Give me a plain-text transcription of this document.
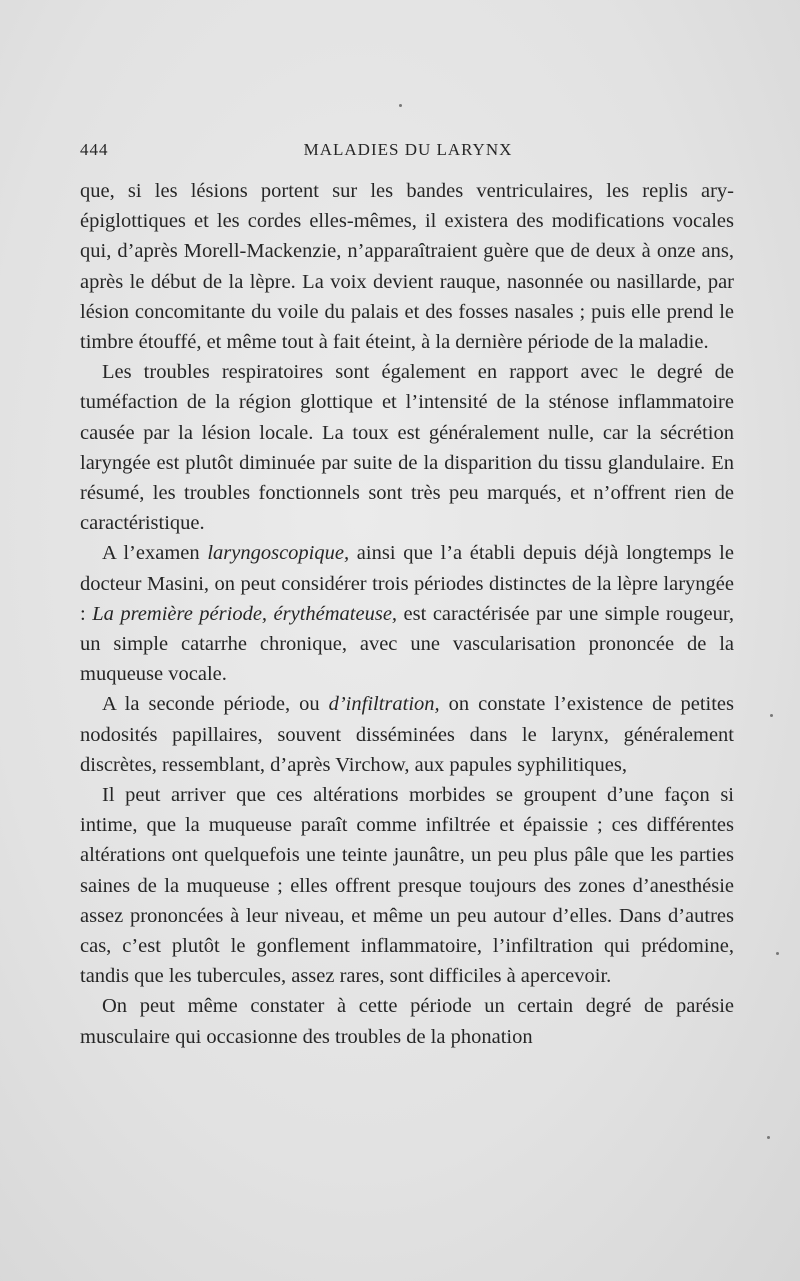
444	MALADIES DU LARYNX

que, si les lésions portent sur les bandes ventriculaires, les replis ary-épiglottiques et les cordes elles-mêmes, il existera des modifications vocales qui, d’après Morell-Mackenzie, n’apparaîtraient guère que de deux à onze ans, après le début de la lèpre. La voix devient rauque, nasonnée ou nasillarde, par lésion concomitante du voile du palais et des fosses nasales ; puis elle prend le timbre étouffé, et même tout à fait éteint, à la dernière période de la maladie.

Les troubles respiratoires sont également en rapport avec le degré de tuméfaction de la région glottique et l’intensité de la sténose inflammatoire causée par la lésion locale. La toux est généralement nulle, car la sécrétion laryngée est plutôt diminuée par suite de la disparition du tissu glandulaire. En résumé, les troubles fonctionnels sont très peu marqués, et n’offrent rien de caractéristique.

A l’examen laryngoscopique, ainsi que l’a établi depuis déjà longtemps le docteur Masini, on peut considérer trois périodes distinctes de la lèpre laryngée : La première période, érythémateuse, est caractérisée par une simple rougeur, un simple catarrhe chronique, avec une vascularisation prononcée de la muqueuse vocale.

A la seconde période, ou d’infiltration, on constate l’existence de petites nodosités papillaires, souvent disséminées dans le larynx, généralement discrètes, ressemblant, d’après Virchow, aux papules syphilitiques,

Il peut arriver que ces altérations morbides se groupent d’une façon si intime, que la muqueuse paraît comme infiltrée et épaissie ; ces différentes altérations ont quelquefois une teinte jaunâtre, un peu plus pâle que les parties saines de la muqueuse ; elles offrent presque toujours des zones d’anesthésie assez prononcées à leur niveau, et même un peu autour d’elles. Dans d’autres cas, c’est plutôt le gonflement inflammatoire, l’infiltration qui prédomine, tandis que les tubercules, assez rares, sont difficiles à apercevoir.

On peut même constater à cette période un certain degré de parésie musculaire qui occasionne des troubles de la phonation
